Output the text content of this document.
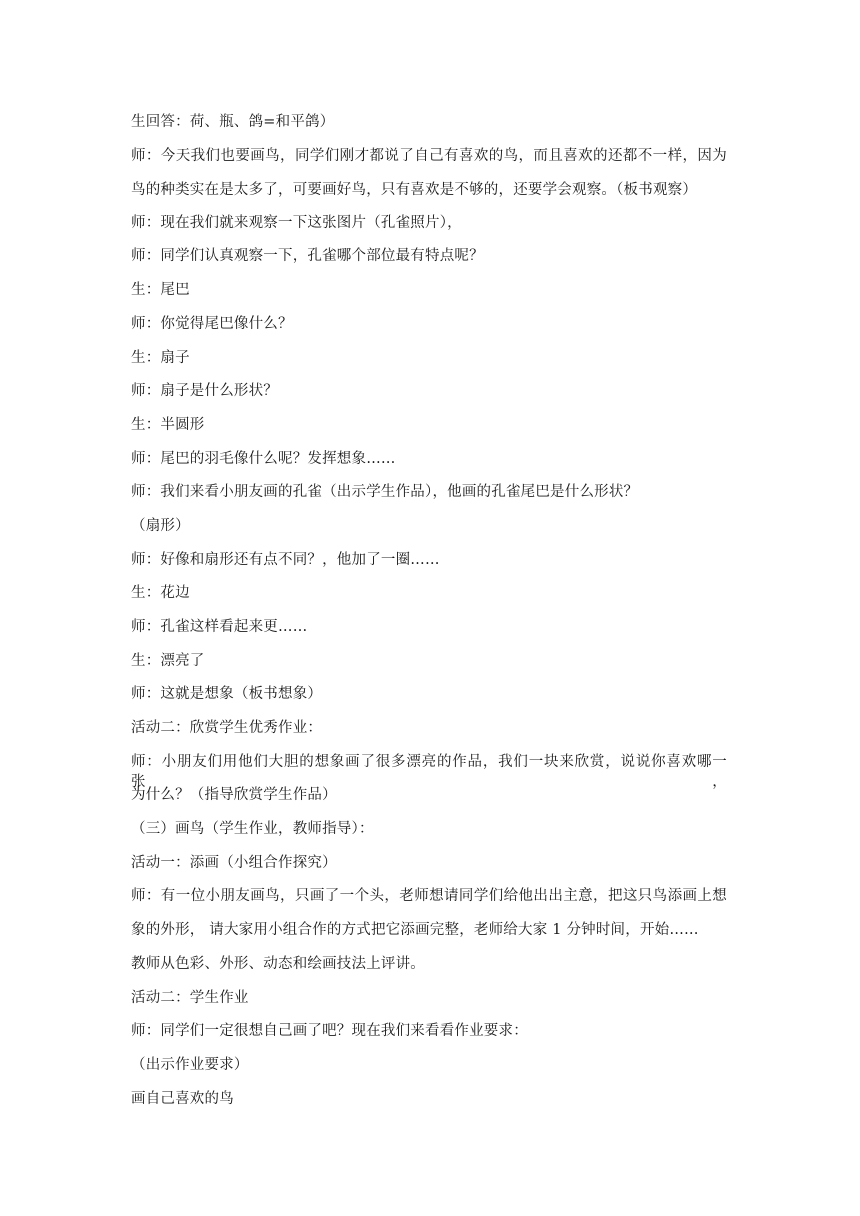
生回答：荷、瓶、鸽=和平鸽）
师：今天我们也要画鸟，同学们刚才都说了自己有喜欢的鸟，而且喜欢的还都不一样，因为
鸟的种类实在是太多了，可要画好鸟，只有喜欢是不够的，还要学会观察。（板书观察）
师：现在我们就来观察一下这张图片（孔雀照片），
师：同学们认真观察一下，孔雀哪个部位最有特点呢？
生：尾巴
师：你觉得尾巴像什么？
生：扇子
师：扇子是什么形状？
生：半圆形
师：尾巴的羽毛像什么呢？发挥想象……
师：我们来看小朋友画的孔雀（出示学生作品），他画的孔雀尾巴是什么形状？
（扇形）
师：好像和扇形还有点不同？，他加了一圈……
生：花边
师：孔雀这样看起来更……
生：漂亮了
师：这就是想象（板书想象）
活动二：欣赏学生优秀作业：
师：小朋友们用他们大胆的想象画了很多漂亮的作品，我们一块来欣赏，说说你喜欢哪一张，
为什么？（指导欣赏学生作品）
（三）画鸟（学生作业，教师指导）：
活动一：添画（小组合作探究）
师：有一位小朋友画鸟，只画了一个头，老师想请同学们给他出出主意，把这只鸟添画上想
象的外形， 请大家用小组合作的方式把它添画完整，老师给大家 1 分钟时间，开始……
教师从色彩、外形、动态和绘画技法上评讲。
活动二：学生作业
师：同学们一定很想自己画了吧？现在我们来看看作业要求：
（出示作业要求）
画自己喜欢的鸟
